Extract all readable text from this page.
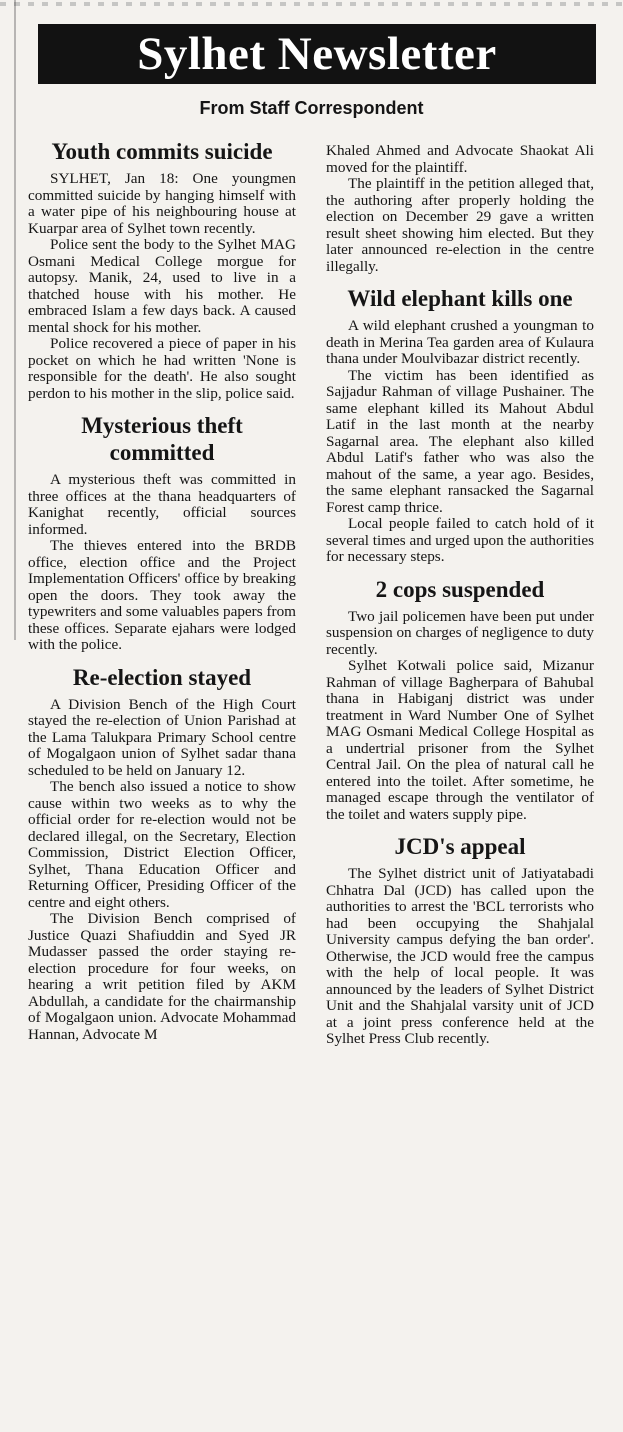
Sylhet Newsletter
From Staff Correspondent
Youth commits suicide

SYLHET, Jan 18: One youngmen committed suicide by hanging himself with a water pipe of his neighbouring house at Kuarpar area of Sylhet town recently.

Police sent the body to the Sylhet MAG Osmani Medical College morgue for autopsy. Manik, 24, used to live in a thatched house with his mother. He embraced Islam a few days back. A caused mental shock for his mother.

Police recovered a piece of paper in his pocket on which he had written 'None is responsible for the death'. He also sought perdon to his mother in the slip, police said.

Mysterious theft committed

A mysterious theft was committed in three offices at the thana headquarters of Kanighat recently, official sources informed.

The thieves entered into the BRDB office, election office and the Project Implementation Officers' office by breaking open the doors. They took away the typewriters and some valuables papers from these offices. Separate ejahars were lodged with the police.

Re-election stayed

A Division Bench of the High Court stayed the re-election of Union Parishad at the Lama Talukpara Primary School centre of Mogalgaon union of Sylhet sadar thana scheduled to be held on January 12.

The bench also issued a notice to show cause within two weeks as to why the official order for re-election would not be declared illegal, on the Secretary, Election Commission, District Election Officer, Sylhet, Thana Education Officer and Returning Officer, Presiding Officer of the centre and eight others.

The Division Bench comprised of Justice Quazi Shafiuddin and Syed JR Mudasser passed the order staying re-election procedure for four weeks, on hearing a writ petition filed by AKM Abdullah, a candidate for the chairmanship of Mogalgaon union. Advocate Mohammad Hannan, Advocate M

Khaled Ahmed and Advocate Shaokat Ali moved for the plaintiff.

The plaintiff in the petition alleged that, the authoring after properly holding the election on December 29 gave a written result sheet showing him elected. But they later announced re-election in the centre illegally.

Wild elephant kills one

A wild elephant crushed a youngman to death in Merina Tea garden area of Kulaura thana under Moulvibazar district recently.

The victim has been identified as Sajjadur Rahman of village Pushainer. The same elephant killed its Mahout Abdul Latif in the last month at the nearby Sagarnal area. The elephant also killed Abdul Latif's father who was also the mahout of the same, a year ago. Besides, the same elephant ransacked the Sagarnal Forest camp thrice.

Local people failed to catch hold of it several times and urged upon the authorities for necessary steps.

2 cops suspended

Two jail policemen have been put under suspension on charges of negligence to duty recently.

Sylhet Kotwali police said, Mizanur Rahman of village Bagherpara of Bahubal thana in Habiganj district was under treatment in Ward Number One of Sylhet MAG Osmani Medical College Hospital as a undertrial prisoner from the Sylhet Central Jail. On the plea of natural call he entered into the toilet. After sometime, he managed escape through the ventilator of the toilet and waters supply pipe.

JCD's appeal

The Sylhet district unit of Jatiyatabadi Chhatra Dal (JCD) has called upon the authorities to arrest the 'BCL terrorists who had been occupying the Shahjalal University campus defying the ban order'. Otherwise, the JCD would free the campus with the help of local people. It was announced by the leaders of Sylhet District Unit and the Shahjalal varsity unit of JCD at a joint press conference held at the Sylhet Press Club recently.
